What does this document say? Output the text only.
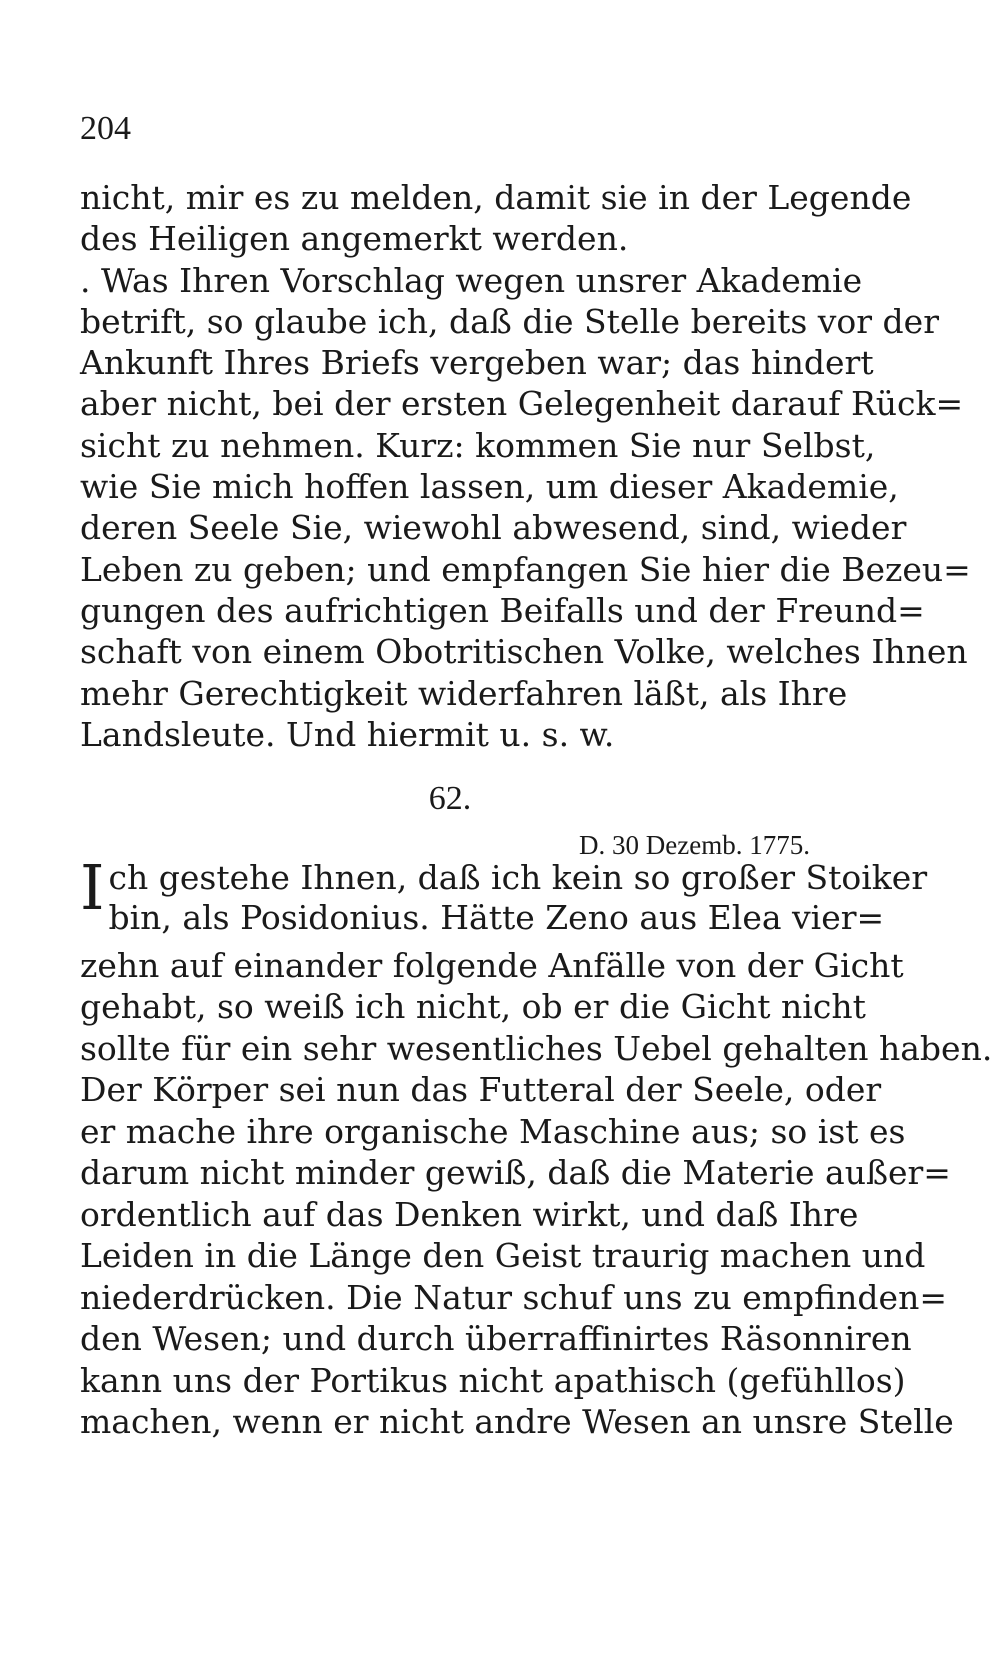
204
nicht, mir es zu melden, damit sie in der Legende
des Heiligen angemerkt werden.
. Was Ihren Vorschlag wegen unsrer Akademie
betrift, so glaube ich, daß die Stelle bereits vor der
Ankunft Ihres Briefs vergeben war; das hindert
aber nicht, bei der ersten Gelegenheit darauf Rück=
sicht zu nehmen. Kurz: kommen Sie nur Selbst,
wie Sie mich hoffen lassen, um dieser Akademie,
deren Seele Sie, wiewohl abwesend, sind, wieder
Leben zu geben; und empfangen Sie hier die Bezeu=
gungen des aufrichtigen Beifalls und der Freund=
schaft von einem Obotritischen Volke, welches Ihnen
mehr Gerechtigkeit widerfahren läßt, als Ihre
Landsleute. Und hiermit u. s. w.
62.
D. 30 Dezemb. 1775.
I ch gestehe Ihnen, daß ich kein so großer Stoiker
bin, als Posidonius. Hätte Zeno aus Elea vier=
zehn auf einander folgende Anfälle von der Gicht
gehabt, so weiß ich nicht, ob er die Gicht nicht
sollte für ein sehr wesentliches Uebel gehalten haben.
Der Körper sei nun das Futteral der Seele, oder
er mache ihre organische Maschine aus; so ist es
darum nicht minder gewiß, daß die Materie außer=
ordentlich auf das Denken wirkt, und daß Ihre
Leiden in die Länge den Geist traurig machen und
niederdrücken. Die Natur schuf uns zu empfinden=
den Wesen; und durch überraffinirtes Räsonniren
kann uns der Portikus nicht apathisch (gefühllos)
machen, wenn er nicht andre Wesen an unsre Stelle
